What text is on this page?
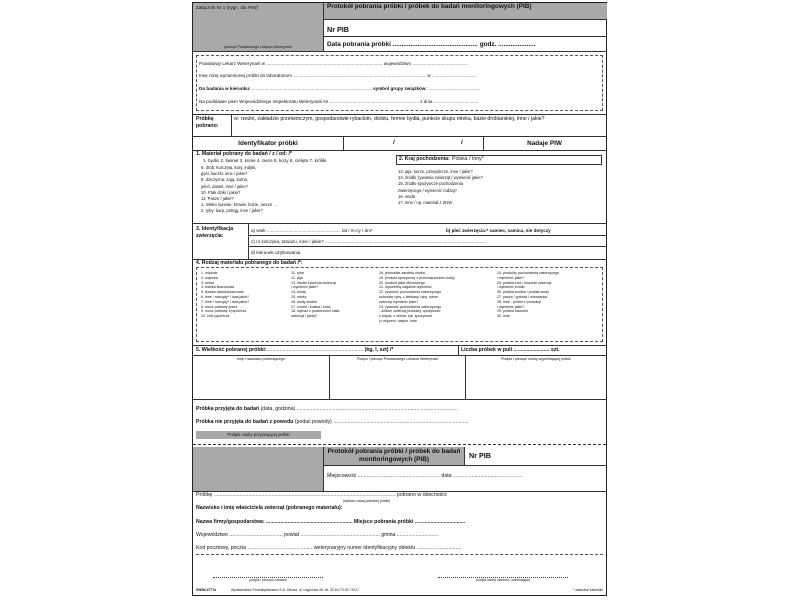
Załącznik Nr 1 (sygn. dla PIW)
pieczęć Powiatowego Lekarza Weterynarii
Protokół pobrania próbki / próbek do badań monitoringowych (PIB)
Nr PIB
Data pobrania próbki ................................................ godz. .....................
Powiatowy Lekarz Weterynarii w ........................................................................................... województwo ...........................................
Imię niżej wymienionej próbki do laboratorium ........................................................................................................ w ...................................
Do badania w kierunku: .............................................................................................. symbol grupy związków: .........................................
Na podstawie pism Wojewódzkiego Inspektoratu Weterynarii Nr ...................................................................... z dnia ...................................
Próbkę pobrano:
w: rzeźni, zakładzie przetwórczym, gospodarstwie rybackim, drobiu, fermie bydła, punkcie skupu mleka, bazie drobiarskiej, inne / jakie?
Identyfikator próbki	/	/	Nadaje PIW
1. Materiał pobrany do badań / z / od: /*
1. bydło 2. świnie 3. konie 4. owce 5. kozy 6. cielęta 7. króliki
8. drób: kurczęta, kury, indyki,
gęsi, kaczki, inne / jakie?
9. dziczyzna: zają, sarna,
jeleń, daniel, inne / jakie?
10. Ptak dziki / jakie?
11. Pasze / jakie?
1. mleko surowe: krowie, kozie, owcze ...
2. ryby: karp, pstrąg, inne / jakie?
2. Kraj pochodzenia: Polska / Inny*
13. jaja: kurze, przepiórcze, inne / jakie?
14. źródło żywienia zwierząt / wymienić jakie?
15. źródło spożywcze pochodzenia
zwierzęcego / wymienić rodzaj?
16. woda
17. inne / np. materiał z ZHW
3. Identyfikacja zwierzęcia:
a) wiek .......................................................... lat / m-cy / dni*	b) płeć zwierzęcia:* samiec, samica, nie dotyczy
c) nr kolczyka, tatuażu, inne / jakie? ..............................................................................................................................
d) kierunek użytkowania
4. Rodzaj materiału pobranego do badań /*:
1. mięśnie
2. wątroba
3. nerka
4. tkanka tłuszczowa
5. tkanka okołokłoszczowa
6. inne / narządy* / dwa jakie?
7. inne / narządy* / dwa jakie?
8. mocz pobrany przeż
9. mocz pobrany z pęcherza
10. żółć pęcherza
11. ryba
12. jaja
13. źródło żywienia zwierząt
/ wymienić jakie?
14. woda
15. mleko
16. wody wodne
17. źródło / kostka / kość
18. wymaz z powierzchni ciała
zwierząt / jakiej?
18. jednostka zarobku mleka
19. produkt spożywczy z przeznaczeniem kolby
20. produkt jakie zbiorowego
21. wydzieliny zagalnie wymienić
22. żywność pochodzenia zwierzęcego
kolorowe ryby, z kiełbasy, ryby, rybne
zwierząt wymienić jakie?
23. żywność pochodzenia zwierzęcego
- dzikich zwierząt produkty, spożywcze
z mięsa, z mleka, ryb, spożywcze
(z mięsem, nasion, inne
24. produkty pochodzenia zwierzęcego
/ wymienić jakie?
25. próbka krwi / kiszonki zwierząt
/ wymienić źródło
26. próbka wodna / próbka wody
27. pasza / gotowa / mieszanka
28. inne - próbki z produkcji
/ wymienić jakie?
29. próbka kiszonki
30. inne
5. Wielkość pobranej próbki: .................................................................. (kg, l, szt) /*	Liczba próbek w puli ......................... szt.
Imię i nazwisko pobierającego	Podpis i pieczęć Powiatowego Lekarza Weterynarii	Podpis i pieczęć osoby wypełniającej próbki
Próbka przyjęta do badań (data, godzina) ................................................................................................................
Próbka nie przyjęta do badań z powodu (podać powody) ..............................................................................................
Podpis osoby przyjmującej próbki
Protokół pobrania próbki / próbek do badań monitoringowych (PIB)	Nr PIB
Miejscowość ......................................................... data ................................................
Próbkę .............................................................................................................................. pobrano w obecności:
(wpisać rodzaj pobranej próbki)
Nazwisko i imię właściciela zwierząt (pobranego materiału):
Nazwa firmy/gospodarstwa: ............................................................ Miejsce pobrania próbki ...................................
Województwo ..................................... powiat ....................................................... gmina .............................
Kod pocztowy, poczta ............................................. weterynaryjny numer identyfikacyjny obiektu ...............................
podpis i pieczęć Lekarza	podpis osoby obecnej / pobierającej
SWIW-4777a	Wydawnictwo Przedsiębiorstwo S.A. Olkusz, ul. Legionów 48, tel. 32-64-70-02 / 2017	* właściwe zakreślić
